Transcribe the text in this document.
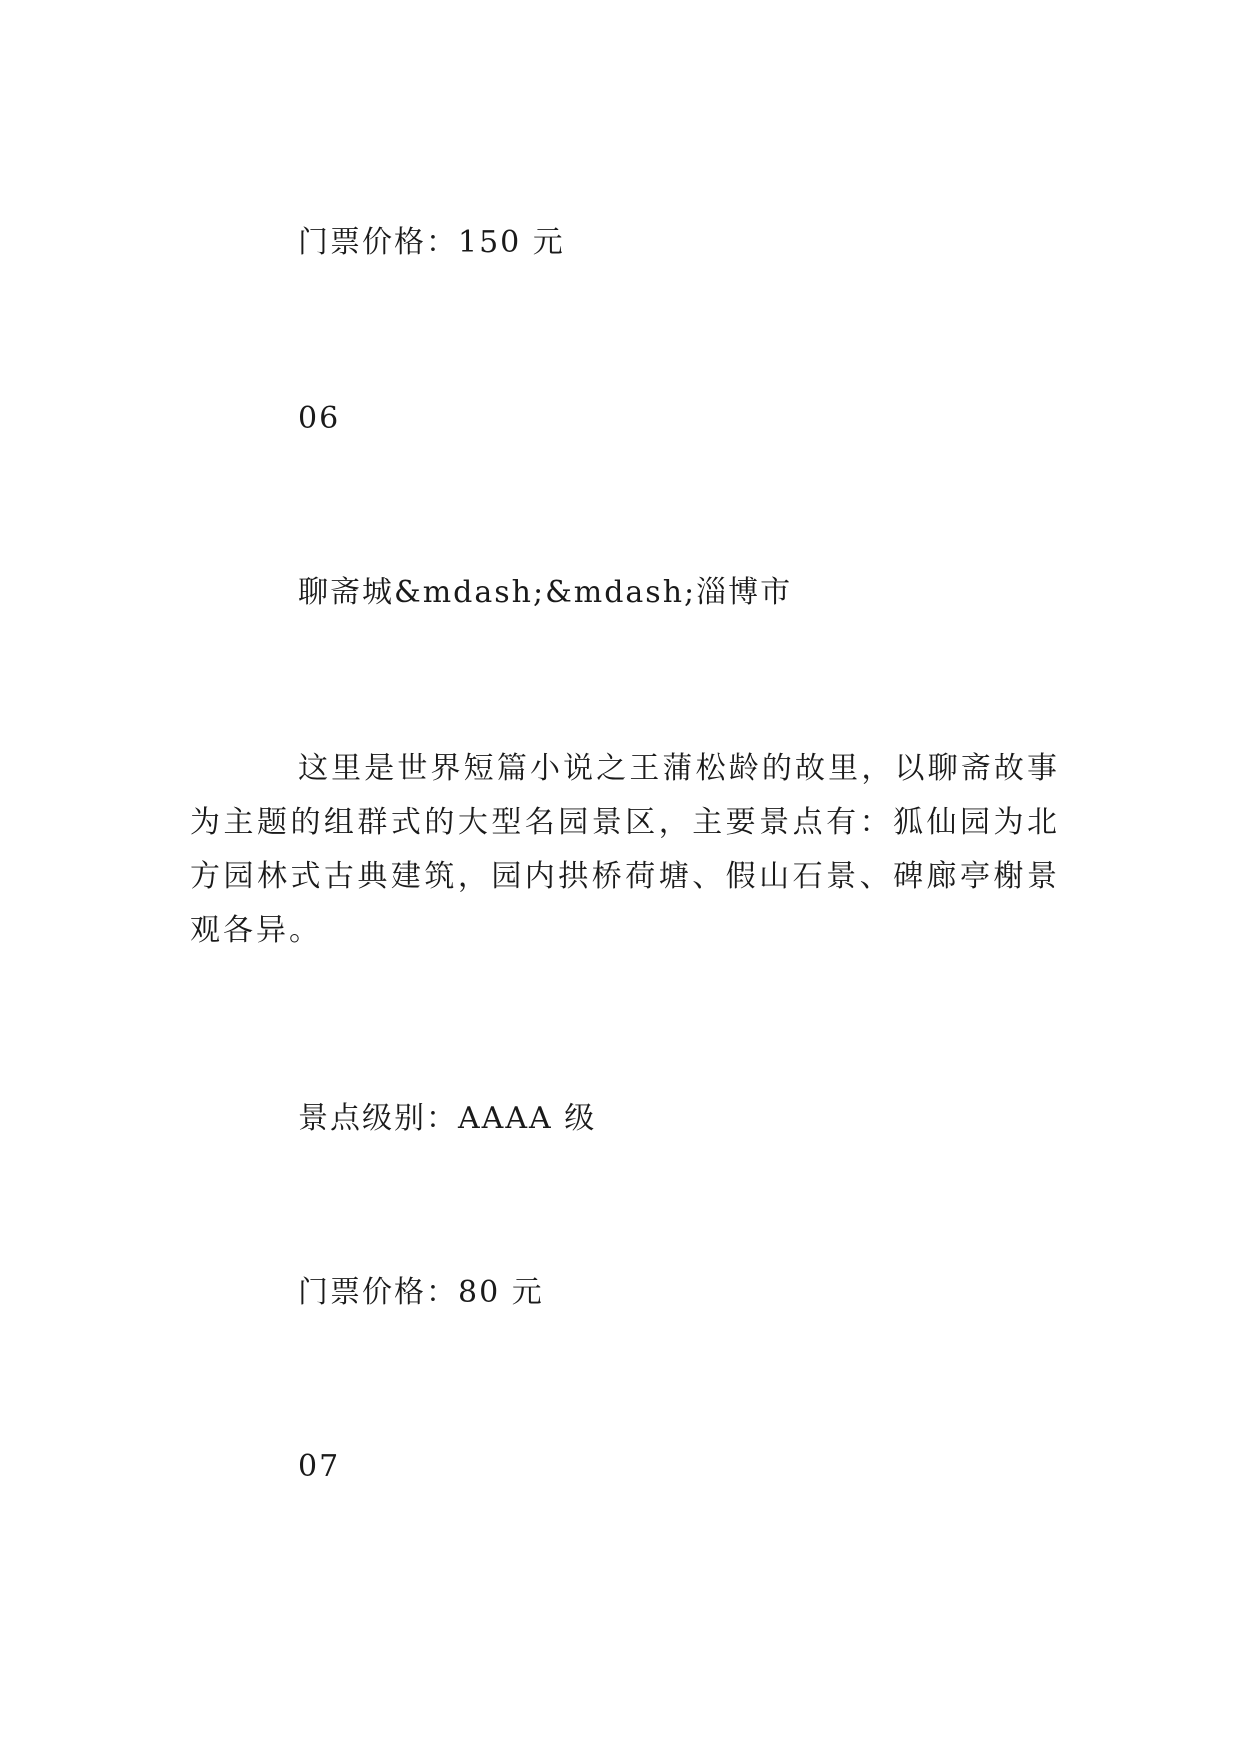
门票价格：150 元
06
聊斋城&mdash;&mdash;淄博市
这里是世界短篇小说之王蒲松龄的故里，以聊斋故事为主题的组群式的大型名园景区，主要景点有：狐仙园为北方园林式古典建筑，园内拱桥荷塘、假山石景、碑廊亭榭景观各异。
景点级别：AAAA 级
门票价格：80 元
07
